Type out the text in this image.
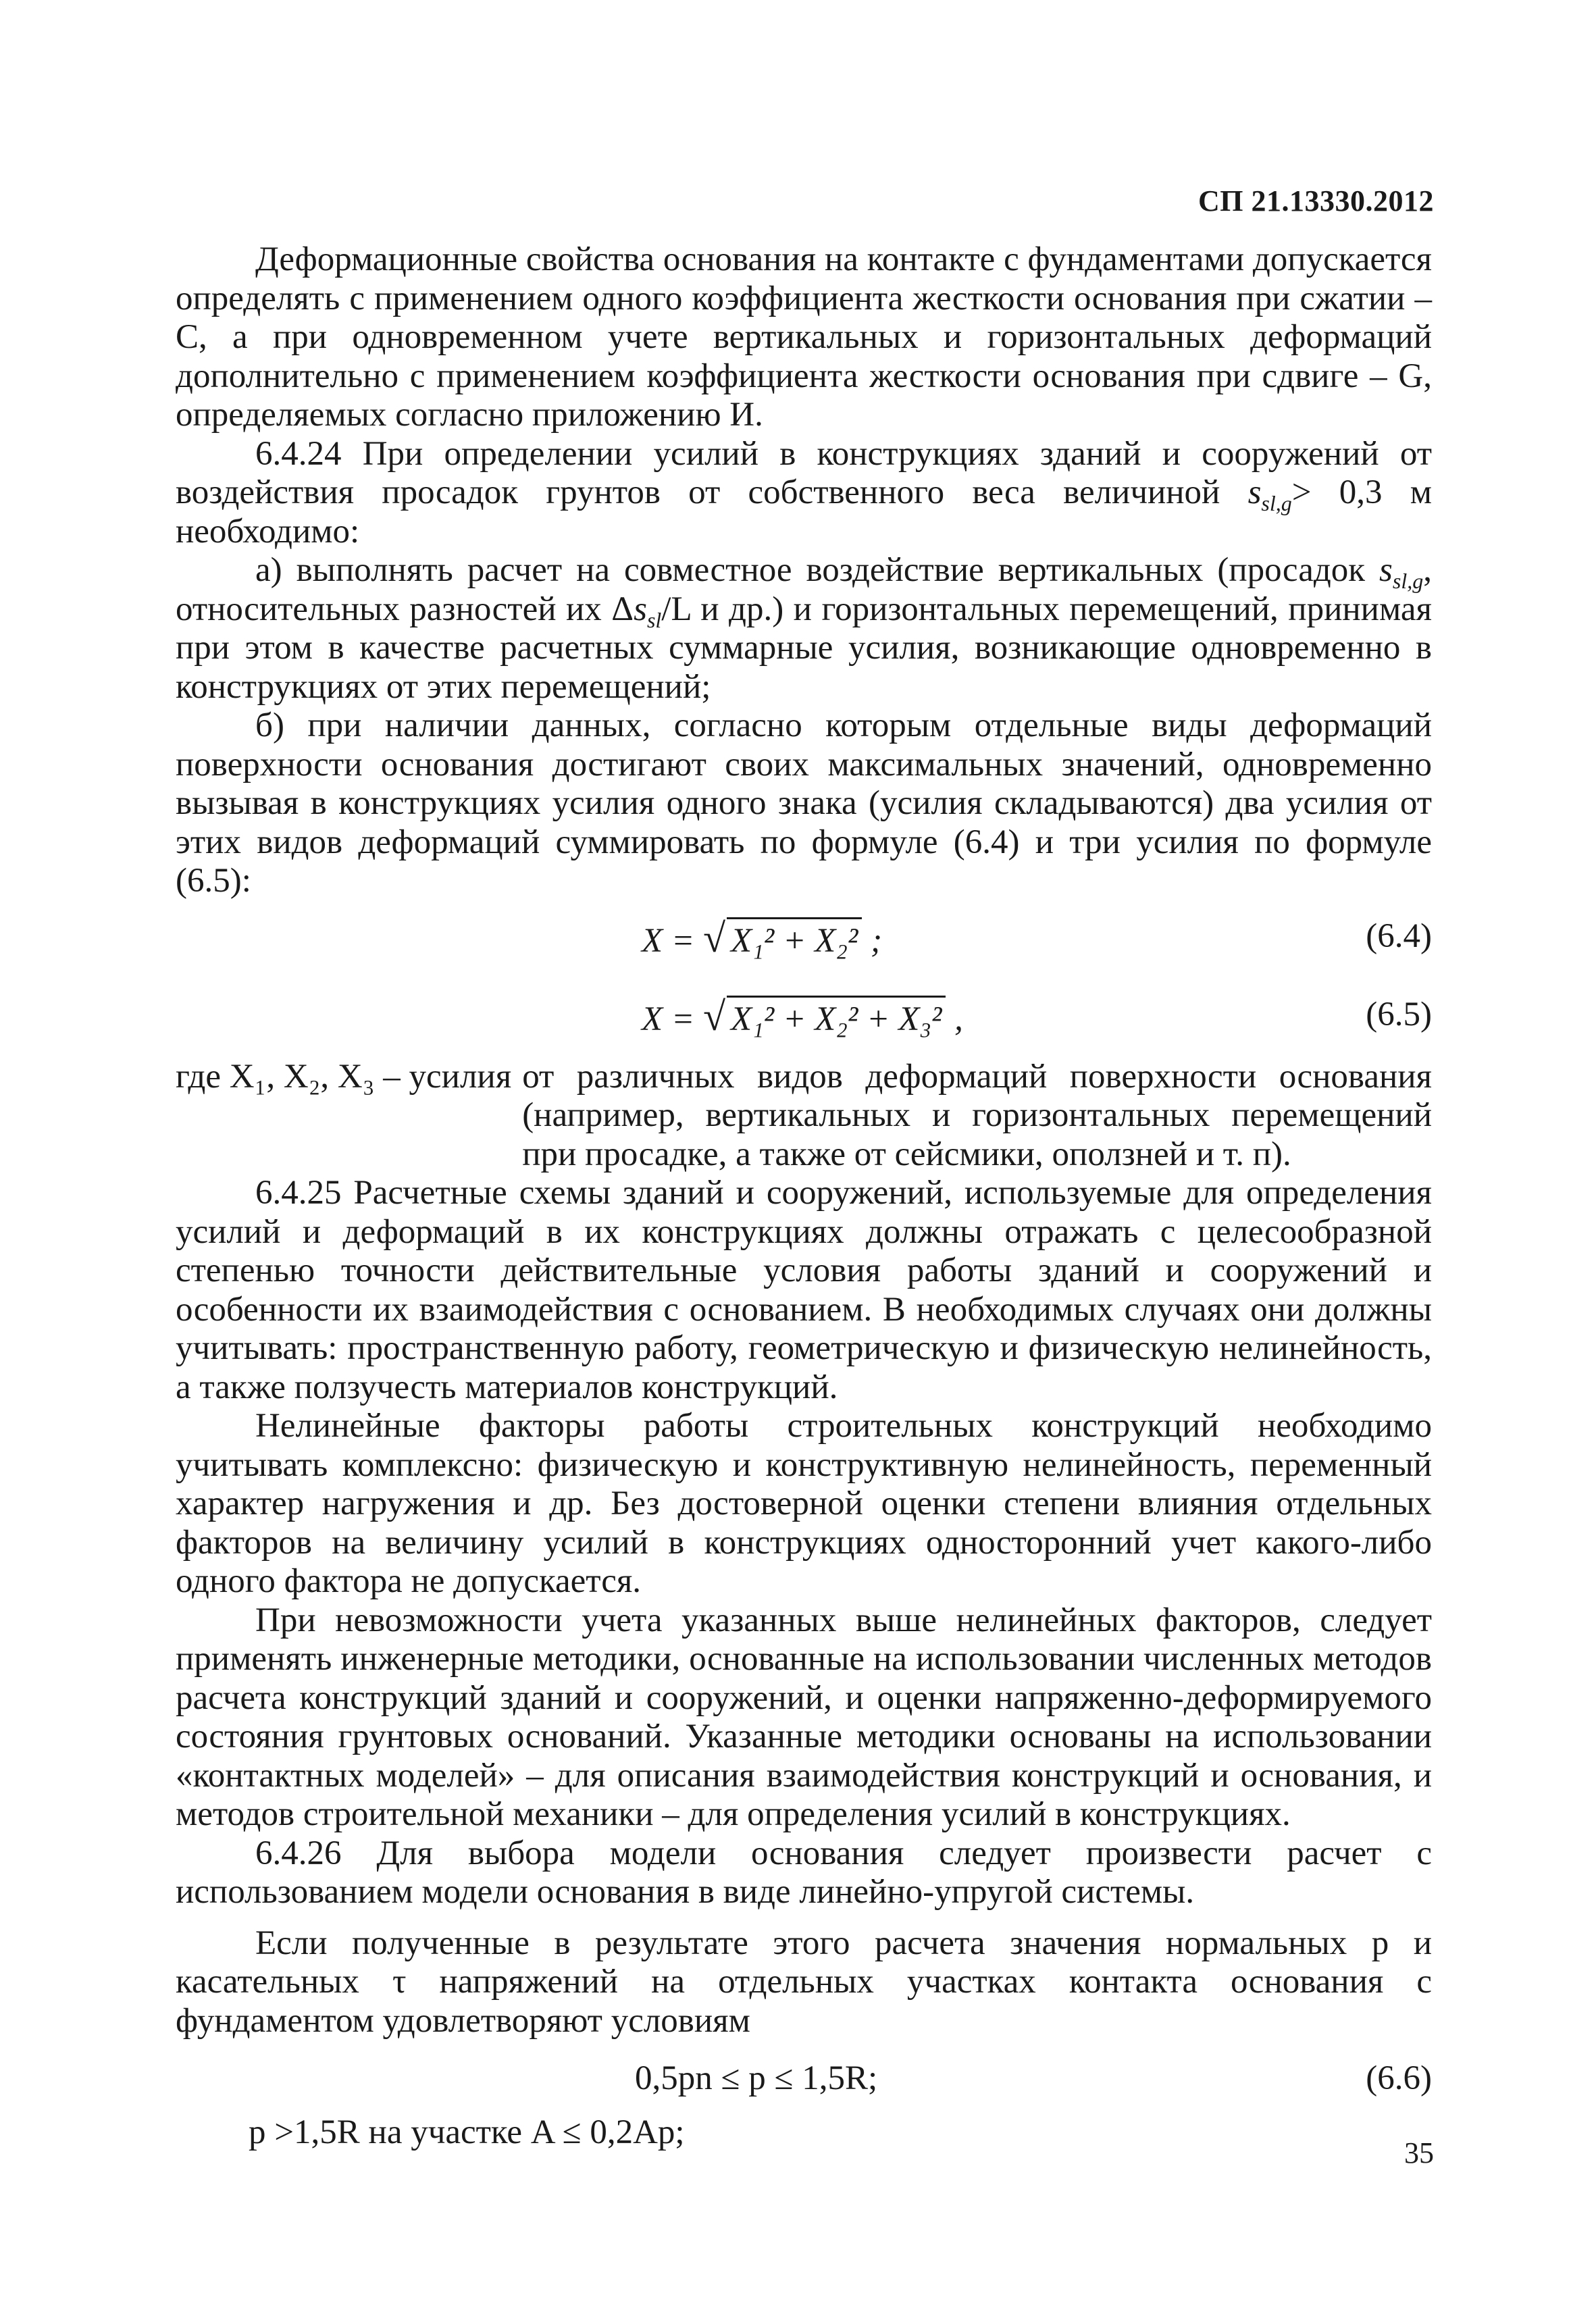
СП 21.13330.2012

Деформационные свойства основания на контакте с фундаментами допускается определять с применением одного коэффициента жесткости основания при сжатии – C, а при одновременном учете вертикальных и горизонтальных деформаций дополнительно с применением коэффициента жесткости основания при сдвиге – G, определяемых согласно приложению И.

6.4.24 При определении усилий в конструкциях зданий и сооружений от воздействия просадок грунтов от собственного веса величиной $s_{sl,g}> 0,3$ м необходимо:

а) выполнять расчет на совместное воздействие вертикальных (просадок $s_{sl,g}$, относительных разностей их $\Delta s_{sl}/L$ и др.) и горизонтальных перемещений, принимая при этом в качестве расчетных суммарные усилия, возникающие одновременно в конструкциях от этих перемещений;

б) при наличии данных, согласно которым отдельные виды деформаций поверхности основания достигают своих максимальных значений, одновременно вызывая в конструкциях усилия одного знака (усилия складываются) два усилия от этих видов деформаций суммировать по формуле (6.4) и три усилия по формуле (6.5):

X = √ X₁² + X₂² ;	(6.4)
X = √ X₁² + X₂² + X₃² ,	(6.5)
где X₁, X₂, X₃ – усилия от различных видов деформаций поверхности основания (например, вертикальных и горизонтальных перемещений при просадке, а также от сейсмики, оползней и т. п).

6.4.25 Расчетные схемы зданий и сооружений, используемые для определения усилий и деформаций в их конструкциях должны отражать с целесообразной степенью точности действительные условия работы зданий и сооружений и особенности их взаимодействия с основанием. В необходимых случаях они должны учитывать: пространственную работу, геометрическую и физическую нелинейность, а также ползучесть материалов конструкций.

Нелинейные факторы работы строительных конструкций необходимо учитывать комплексно: физическую и конструктивную нелинейность, переменный характер нагружения и др. Без достоверной оценки степени влияния отдельных факторов на величину усилий в конструкциях односторонний учет какого-либо одного фактора не допускается.

При невозможности учета указанных выше нелинейных факторов, следует применять инженерные методики, основанные на использовании численных методов расчета конструкций зданий и сооружений, и оценки напряженно-деформируемого состояния грунтовых оснований. Указанные методики основаны на использовании «контактных моделей» – для описания взаимодействия конструкций и основания, и методов строительной механики – для определения усилий в конструкциях.

6.4.26 Для выбора модели основания следует произвести расчет с использованием модели основания в виде линейно-упругой системы.

Если полученные в результате этого расчета значения нормальных p и касательных τ напряжений на отдельных участках контакта основания с фундаментом удовлетворяют условиям

0,5pn ≤ p ≤ 1,5R;	(6.6)

p >1,5R на участке A ≤ 0,2Ap;

35
